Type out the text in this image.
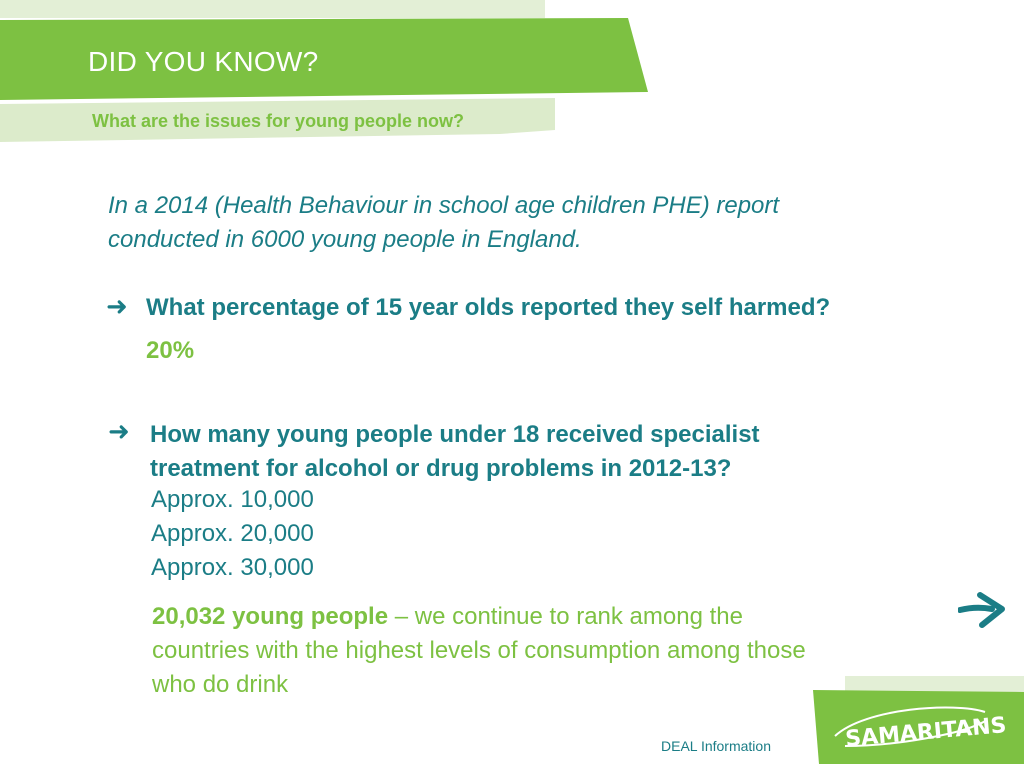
DID YOU KNOW?
What are the issues for young people now?

In a 2014 (Health Behaviour in school age children PHE) report conducted in 6000 young people in England.

➜ What percentage of 15 year olds reported they self harmed?
20%
➜ How many young people under 18 received specialist treatment for alcohol or drug problems in 2012-13?

Approx. 10,000
Approx. 20,000
Approx. 30,000

20,032 young people – we continue to rank among the countries with the highest levels of consumption among those who do drink

DEAL Information	SAMARITANS
